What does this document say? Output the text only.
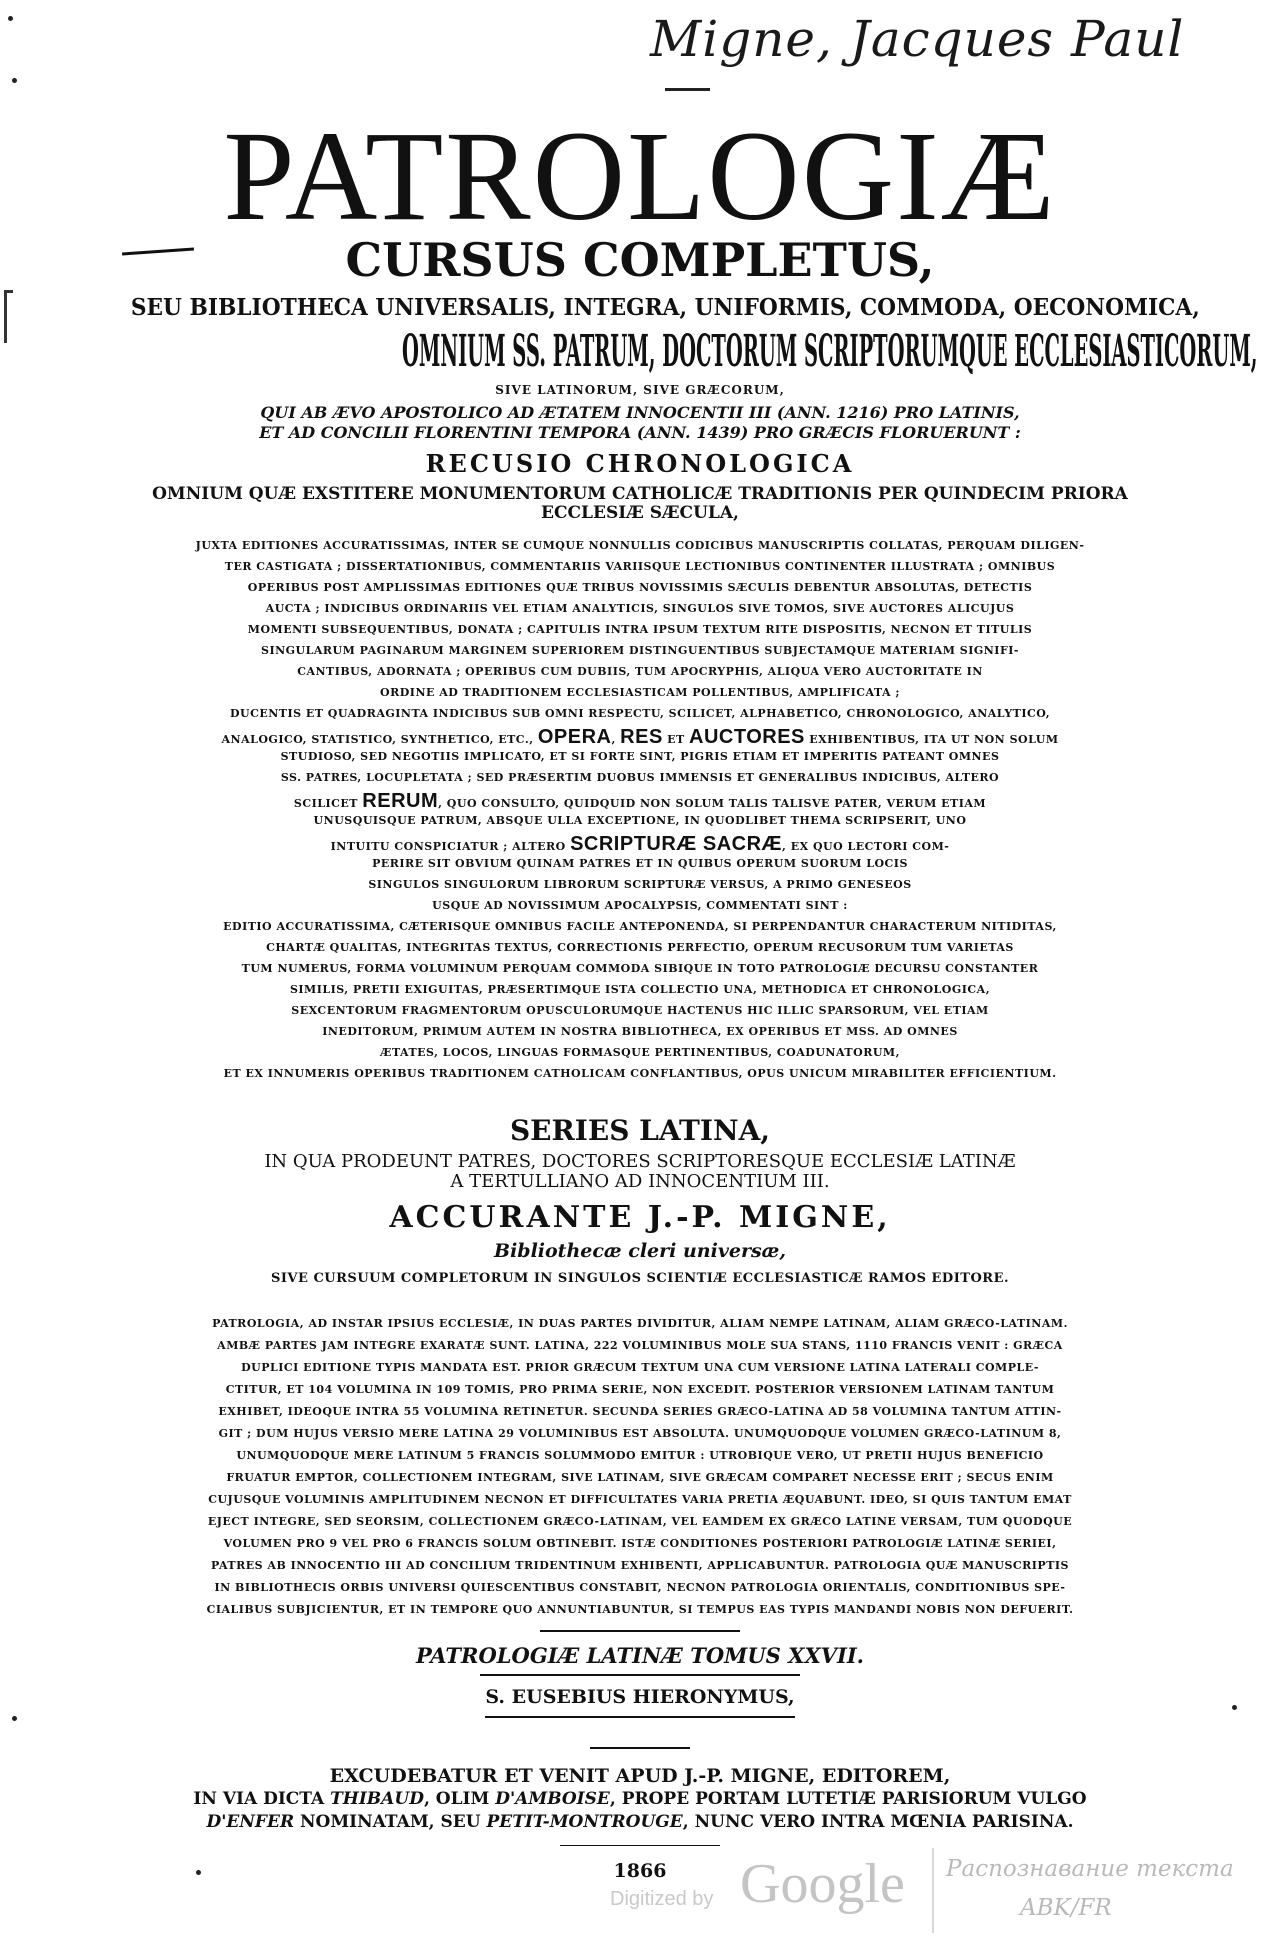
Migne, Jacques Paul
PATROLOGIÆ
CURSUS COMPLETUS,
SEU BIBLIOTHECA UNIVERSALIS, INTEGRA, UNIFORMIS, COMMODA, OECONOMICA,
OMNIUM SS. PATRUM, DOCTORUM SCRIPTORUMQUE ECCLESIASTICORUM,
SIVE LATINORUM, SIVE GRÆCORUM,
QUI AB ÆVO APOSTOLICO AD ÆTATEM INNOCENTII III (ANN. 1216) PRO LATINIS,
ET AD CONCILII FLORENTINI TEMPORA (ANN. 1439) PRO GRÆCIS FLORUERUNT :
RECUSIO CHRONOLOGICA
OMNIUM QUÆ EXSTITERE MONUMENTORUM CATHOLICÆ TRADITIONIS PER QUINDECIM PRIORA
ECCLESIÆ SÆCULA,
JUXTA EDITIONES ACCURATISSIMAS, INTER SE CUMQUE NONNULLIS CODICIBUS MANUSCRIPTIS COLLATAS, PERQUAM DILIGEN-
TER CASTIGATA ; DISSERTATIONIBUS, COMMENTARIIS VARIISQUE LECTIONIBUS CONTINENTER ILLUSTRATA ; OMNIBUS
OPERIBUS POST AMPLISSIMAS EDITIONES QUÆ TRIBUS NOVISSIMIS SÆCULIS DEBENTUR ABSOLUTAS, DETECTIS
AUCTA ; INDICIBUS ORDINARIIS VEL ETIAM ANALYTICIS, SINGULOS SIVE TOMOS, SIVE AUCTORES ALICUJUS
MOMENTI SUBSEQUENTIBUS, DONATA ; CAPITULIS INTRA IPSUM TEXTUM RITE DISPOSITIS, NECNON ET TITULIS
SINGULARUM PAGINARUM MARGINEM SUPERIOREM DISTINGUENTIBUS SUBJECTAMQUE MATERIAM SIGNIFI-
CANTIBUS, ADORNATA ; OPERIBUS CUM DUBIIS, TUM APOCRYPHIS, ALIQUA VERO AUCTORITATE IN
ORDINE AD TRADITIONEM ECCLESIASTICAM POLLENTIBUS, AMPLIFICATA ;
DUCENTIS ET QUADRAGINTA INDICIBUS SUB OMNI RESPECTU, SCILICET, ALPHABETICO, CHRONOLOGICO, ANALYTICO,
ANALOGICO, STATISTICO, SYNTHETICO, ETC., OPERA, RES ET AUCTORES EXHIBENTIBUS, ITA UT NON SOLUM
STUDIOSO, SED NEGOTIIS IMPLICATO, ET SI FORTE SINT, PIGRIS ETIAM ET IMPERITIS PATEANT OMNES
SS. PATRES, LOCUPLETATA ; SED PRÆSERTIM DUOBUS IMMENSIS ET GENERALIBUS INDICIBUS, ALTERO
SCILICET RERUM, QUO CONSULTO, QUIDQUID NON SOLUM TALIS TALISVE PATER, VERUM ETIAM
UNUSQUISQUE PATRUM, ABSQUE ULLA EXCEPTIONE, IN QUODLIBET THEMA SCRIPSERIT, UNO
INTUITU CONSPICIATUR ; ALTERO SCRIPTURÆ SACRÆ, EX QUO LECTORI COM-
PERIRE SIT OBVIUM QUINAM PATRES ET IN QUIBUS OPERUM SUORUM LOCIS
SINGULOS SINGULORUM LIBRORUM SCRIPTURÆ VERSUS, A PRIMO GENESEOS
USQUE AD NOVISSIMUM APOCALYPSIS, COMMENTATI SINT :
EDITIO ACCURATISSIMA, CÆTERISQUE OMNIBUS FACILE ANTEPONENDA, SI PERPENDANTUR CHARACTERUM NITIDITAS,
CHARTÆ QUALITAS, INTEGRITAS TEXTUS, CORRECTIONIS PERFECTIO, OPERUM RECUSORUM TUM VARIETAS
TUM NUMERUS, FORMA VOLUMINUM PERQUAM COMMODA SIBIQUE IN TOTO PATROLOGIÆ DECURSU CONSTANTER
SIMILIS, PRETII EXIGUITAS, PRÆSERTIMQUE ISTA COLLECTIO UNA, METHODICA ET CHRONOLOGICA,
SEXCENTORUM FRAGMENTORUM OPUSCULORUMQUE HACTENUS HIC ILLIC SPARSORUM, VEL ETIAM
INEDITORUM, PRIMUM AUTEM IN NOSTRA BIBLIOTHECA, EX OPERIBUS ET MSS. AD OMNES
ÆTATES, LOCOS, LINGUAS FORMASQUE PERTINENTIBUS, COADUNATORUM,
ET EX INNUMERIS OPERIBUS TRADITIONEM CATHOLICAM CONFLANTIBUS, OPUS UNICUM MIRABILITER EFFICIENTIUM.
SERIES LATINA,
IN QUA PRODEUNT PATRES, DOCTORES SCRIPTORESQUE ECCLESIÆ LATINÆ
A TERTULLIANO AD INNOCENTIUM III.
ACCURANTE J.-P. MIGNE,
Bibliothecæ cleri universæ,
SIVE CURSUUM COMPLETORUM IN SINGULOS SCIENTIÆ ECCLESIASTICÆ RAMOS EDITORE.
PATROLOGIA, AD INSTAR IPSIUS ECCLESIÆ, IN DUAS PARTES DIVIDITUR, ALIAM NEMPE LATINAM, ALIAM GRÆCO-LATINAM.
AMBÆ PARTES JAM INTEGRE EXARATÆ SUNT. LATINA, 222 VOLUMINIBUS MOLE SUA STANS, 1110 FRANCIS VENIT : GRÆCA
DUPLICI EDITIONE TYPIS MANDATA EST. PRIOR GRÆCUM TEXTUM UNA CUM VERSIONE LATINA LATERALI COMPLE-
CTITUR, ET 104 VOLUMINA IN 109 TOMIS, PRO PRIMA SERIE, NON EXCEDIT. POSTERIOR VERSIONEM LATINAM TANTUM
EXHIBET, IDEOQUE INTRA 55 VOLUMINA RETINETUR. SECUNDA SERIES GRÆCO-LATINA AD 58 VOLUMINA TANTUM ATTIN-
GIT ; DUM HUJUS VERSIO MERE LATINA 29 VOLUMINIBUS EST ABSOLUTA. UNUMQUODQUE VOLUMEN GRÆCO-LATINUM 8,
UNUMQUODQUE MERE LATINUM 5 FRANCIS SOLUMMODO EMITUR : UTROBIQUE VERO, UT PRETII HUJUS BENEFICIO
FRUATUR EMPTOR, COLLECTIONEM INTEGRAM, SIVE LATINAM, SIVE GRÆCAM COMPARET NECESSE ERIT ; SECUS ENIM
CUJUSQUE VOLUMINIS AMPLITUDINEM NECNON ET DIFFICULTATES VARIA PRETIA ÆQUABUNT. IDEO, SI QUIS TANTUM EMAT
EJECT INTEGRE, SED SEORSIM, COLLECTIONEM GRÆCO-LATINAM, VEL EAMDEM EX GRÆCO LATINE VERSAM, TUM QUODQUE
VOLUMEN PRO 9 VEL PRO 6 FRANCIS SOLUM OBTINEBIT. ISTÆ CONDITIONES POSTERIORI PATROLOGIÆ LATINÆ SERIEI,
PATRES AB INNOCENTIO III AD CONCILIUM TRIDENTINUM EXHIBENTI, APPLICABUNTUR. PATROLOGIA QUÆ MANUSCRIPTIS
IN BIBLIOTHECIS ORBIS UNIVERSI QUIESCENTIBUS CONSTABIT, NECNON PATROLOGIA ORIENTALIS, CONDITIONIBUS SPE-
CIALIBUS SUBJICIENTUR, ET IN TEMPORE QUO ANNUNTIABUNTUR, SI TEMPUS EAS TYPIS MANDANDI NOBIS NON DEFUERIT.
PATROLOGIÆ LATINÆ TOMUS XXVII.
S. EUSEBIUS HIERONYMUS,
EXCUDEBATUR ET VENIT APUD J.-P. MIGNE, EDITOREM,
IN VIA DICTA THIBAUD, OLIM D'AMBOISE, PROPE PORTAM LUTETIÆ PARISIORUM VULGO
D'ENFER NOMINATAM, SEU PETIT-MONTROUGE, NUNC VERO INTRA MŒNIA PARISINA.
1866
Digitized by Google Распознавание текста
ABK/FR
